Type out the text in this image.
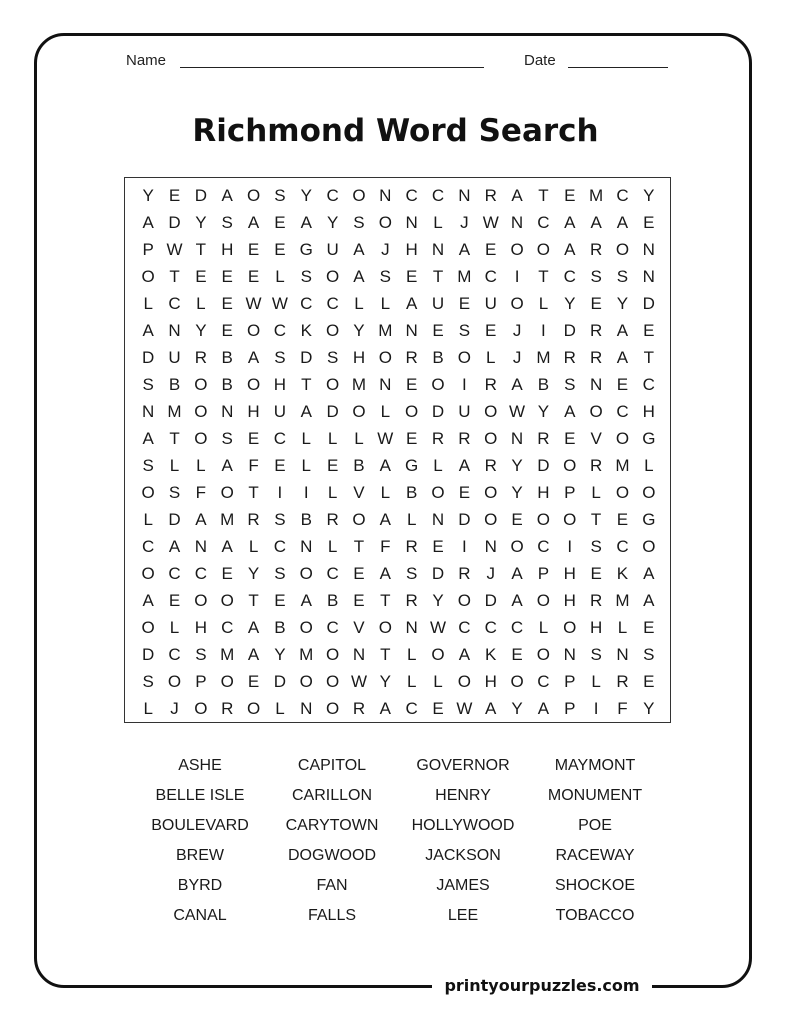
Name	Date
Richmond Word Search
Y E D A O S Y C O N C C N R A T E M C Y
A D Y S A E A Y S O N L	J W N C A A A E
P W T H E E G U A J H N A E O O A R O N
O T E E E L S O A S E T M C	I	T C S S N
L C L E W W C C L L A U E U O L Y E Y D
A N Y E O C K O Y M N E S E J	I	D R A E
D U R B A S D S H O R B O L	J M R R A T
S B O B O H T O M N E O	I	R A B S N E C
N M O N H U A D O L O D U O W Y A O C H
A T O S E C L L L W E R R O N R E V O G
S L L A F E L E B A G L A R Y D O R M L
O S F O T	I	I	L V L B O E O Y H P L O O
L D A M R S B R O A L N D O E O O T E G
C A N A L C N L T F R E	I	N O C	I	S C O
O C C E Y S O C E A S D R J A P H E K A
A E O O T E A B E T R Y O D A O H R M A
O L H C A B O C V O N W C C C L O H L E
D C S M A Y M O N T L O A K E O N S N S
S O P O E D O O W Y L L O H O C P L R E
L	J O R O L N O R A C E W A Y A P	I	F Y
ASHE	CAPITOL	GOVERNOR	MAYMONT
BELLE ISLE	CARILLON	HENRY	MONUMENT
BOULEVARD	CARYTOWN	HOLLYWOOD	POE
BREW	DOGWOOD	JACKSON	RACEWAY
BYRD	FAN	JAMES	SHOCKOE
CANAL	FALLS	LEE	TOBACCO
printyourpuzzles.com
